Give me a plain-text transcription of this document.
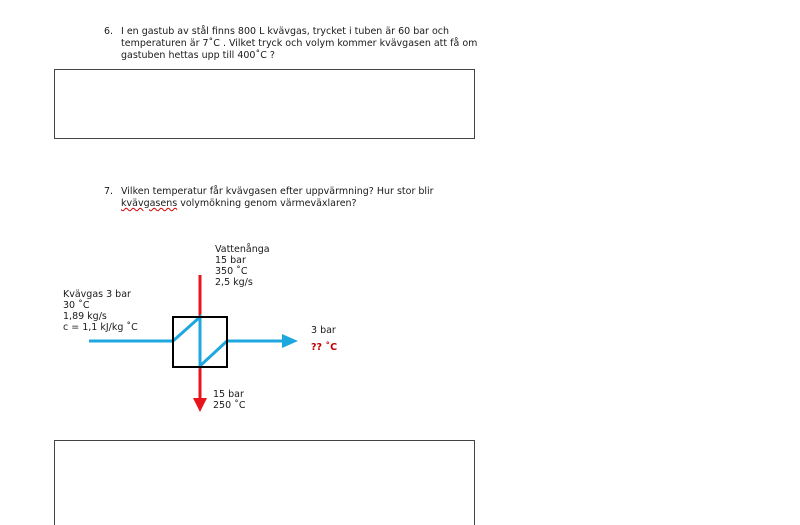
6. I en gastub av stål finns 800 L kvävgas, trycket i tuben är 60 bar och
temperaturen är 7˚C . Vilket tryck och volym kommer kvävgasen att få om
gastuben hettas upp till 400˚C ?
7. Vilken temperatur får kvävgasen efter uppvärmning? Hur stor blir
kvävgasens volymökning genom värmeväxlaren?
Vattenånga
15 bar
350 ˚C
2,5 kg/s
Kvävgas 3 bar
30 ˚C
1,89 kg/s
c = 1,1 kJ/kg ˚C	3 bar
?? ˚C
15 bar
250 ˚C
